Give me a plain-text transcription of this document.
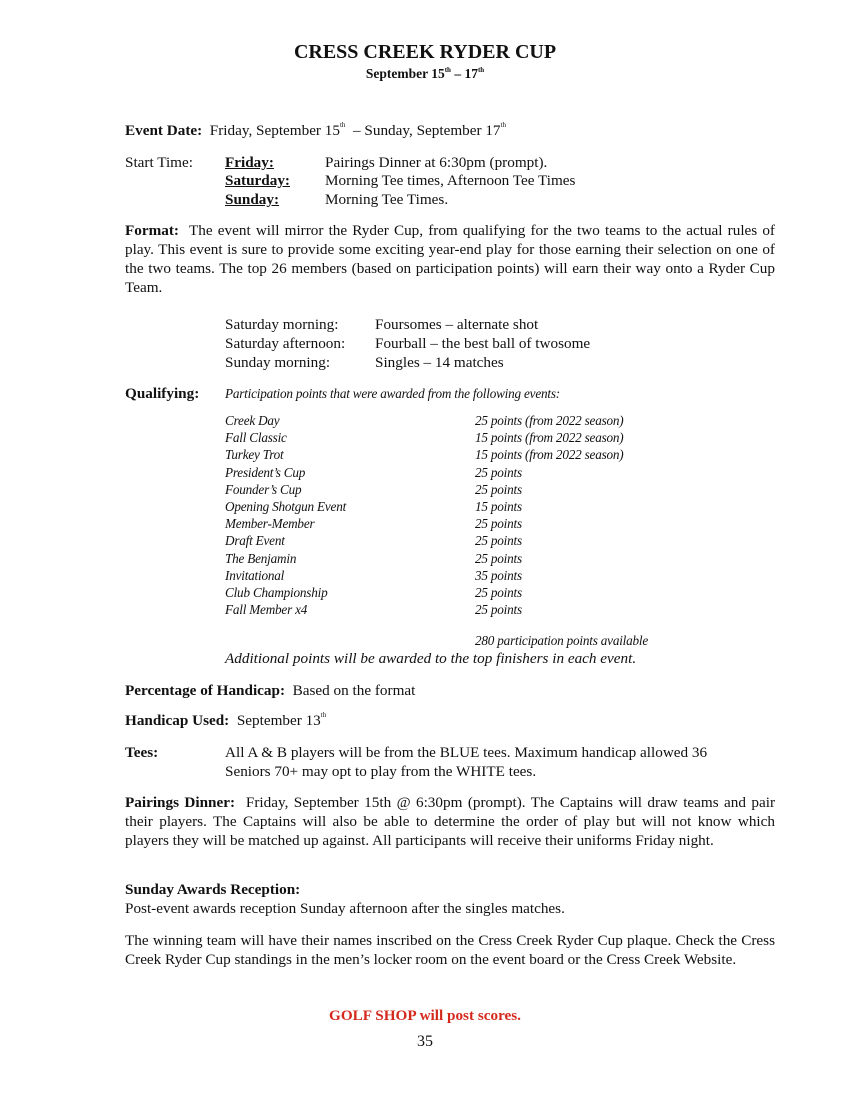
CRESS CREEK RYDER CUP
September 15th – 17th
Event Date: Friday, September 15th  – Sunday, September 17th
Start Time: Friday:	Pairings Dinner at 6:30pm (prompt).
Saturday: Morning Tee times, Afternoon Tee Times
Sunday:	Morning Tee Times.
Format: The event will mirror the Ryder Cup, from qualifying for the two teams to the actual rules of play. This event is sure to provide some exciting year-end play for those earning their selection on one of the two teams. The top 26 members (based on participation points) will earn their way onto a Ryder Cup Team.
Saturday morning: Foursomes – alternate shot
Saturday afternoon: Fourball – the best ball of twosome
Sunday morning:	Singles – 14 matches
Qualifying: Participation points that were awarded from the following events:
Creek Day	25 points (from 2022 season)
Fall Classic	15 points (from 2022 season)
Turkey Trot	15 points (from 2022 season)
President’s Cup	25 points
Founder’s Cup	25 points
Opening Shotgun Event	15 points
Member-Member	25 points
Draft Event	25 points
The Benjamin	25 points
Invitational	35 points
Club Championship	25 points
Fall Member x4	25 points
280 participation points available
Additional points will be awarded to the top finishers in each event.
Percentage of Handicap: Based on the format
Handicap Used: September 13th
Tees:	All A & B players will be from the BLUE tees. Maximum handicap allowed 36
Seniors 70+ may opt to play from the WHITE tees.
Pairings Dinner: Friday, September 15th @ 6:30pm (prompt). The Captains will draw teams and pair their players. The Captains will also be able to determine the order of play but will not know which players they will be matched up against. All participants will receive their uniforms Friday night.
Sunday Awards Reception:
Post-event awards reception Sunday afternoon after the singles matches.
The winning team will have their names inscribed on the Cress Creek Ryder Cup plaque. Check the Cress Creek Ryder Cup standings in the men’s locker room on the event board or the Cress Creek Website.
GOLF SHOP will post scores.
35
